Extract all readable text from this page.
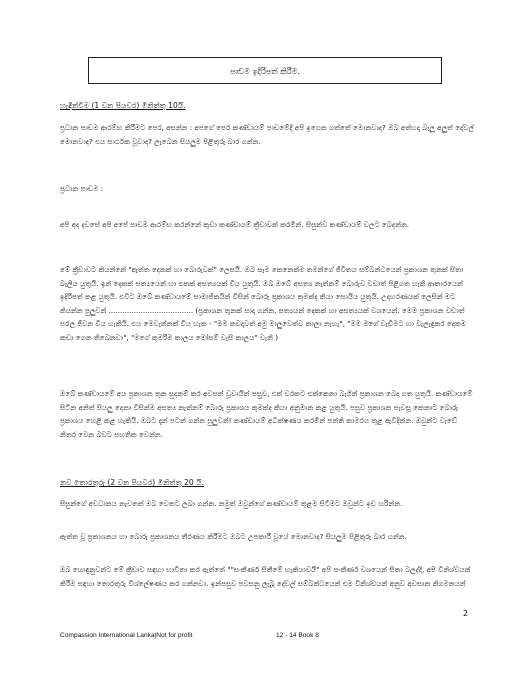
පාඩම ඉදිරිපත් කිරීම.
හැඳින්වීම (1 වන පියවර) මිනිත්තු 10යි.
ප්‍රධාන පාඩම ආරම්භ කිරීමට පෙර, අසන්න : අපගේ පෙර කණ්ඩායම් පාඩමේදී අපි ඉගෙන ගත්තේ මොනවාද? ඔබ අත්හදා බැලූ අලුත් දේවල් මොනවාද? එය සාර්ථක වූවාද? ලැබෙන සියලුම පිළිතුරු බාර ගන්න.
ප්‍රධාන පාඩම :
අපි අද දවසේ අපි අපේ පාඩම ආරම්භ කරන්නේ කුඩා කණ්ඩායම් ක්‍රීඩාවක් කරමින්. සිසුන්ව කණ්ඩායම් වලට බෙදන්න.
මේ ක්‍රීඩාවට කියන්නේ "ඇත්ත දෙකක් හා බොරුවක්" ලෙසයි. ඔබ සෑම කෙනෙක්ම තමන්ගේ ජීවිතය සම්බන්ධයෙන් ප්‍රකාශන තුනක් සිතා බැලිය යුතුයි. ඉන් දෙකක් සත්‍යයෙන් හා එකක් අසත්‍යයක් විය යුතුයි. ඔබ ඔබේ අසත්‍ය නැත්නම් බොරුව වඩාත් පිළිගත හැකි ආකාරයෙන් ඉදිරිපත් කළ යුතුයි. එවිට ඔබේ කණ්ඩායමේ සාමාජිකයින් විසින් බොරු ප්‍රකාශය කුමක්ද කියා සොයිය යුතුයි. උදාහරණයක් ලෙසින් මට කියන්න පුලුවන් ..................................... (ප්‍රකාශන තුනක් සාදා ගන්න, සත්‍යයන් දෙකක් හා අසත්‍යයක් වශයෙන්. මෙම ප්‍රකාශන වඩාත් සරල ජීවන විය හැකියි. එය මෙවැන්නක් විය හැක - "මම කවදාවත් අමු මාලුවෙක්ව කාලා නැහැ", "මම මගේ වැඩිමට හා වැලැඳුකර දෙකම කඩා ගෙන තිබෙනවා", "මගේ කුමරිම කාලය මෝසම් වැසි කාලය" වැනි )
ඔබේ කණ්ඩායමේ අය ප්‍රකාශන තුන සුදානම් කර අවසන් වූවායින් පසුව, එක් වරකට එක්කෙනා බැගින් ප්‍රකාශන බෙදා ගත යුතුයි. කණ්ඩායමේ සිටින අනිත් සියලු දෙනා විසින්ම අසත්‍ය නැත්නම් බොරු ප්‍රකාශය කුමක්ද කියා අනුමාන කළ යුතුයි. පසුව ප්‍රකාශන පැවසූ කෙනාට බොරු ප්‍රකාශය හෙළි කළ හැකියි. ඔබට දැන් පටන් ගන්න පුලුවන්! කණ්ඩායම් අධීක්ෂණය කරමින් පන්ති කාමරය තුළ ඇවිදින්න. ඔවුන්ට වැඩේ නිතර වෙන බවට සහතික වෙන්න.
නව තොරතුරු (2 වන පියවර) මිනිත්තු 20 යි.
සිසුන්ගේ අවධානය නැවතත් ඔබ වෙතට ලබා ගන්න. නමුත් ඔවුන්ගේ කණ්ඩායම් තුළම සිටීමට ඔවුන්ට ඉඩ හරින්න.
ඇත්ත වූ ප්‍රකාශනය හා බොරු ප්‍රකාශනය තීරණය කිරීමට ඔබට උපකාරී වූයේ මොනවාද? සියලුම පිළිතුරු බාර ගන්න.
ඔබ හොඳුනුවන්ට මේ ක්‍රීඩාව සඳහා භාවිතා කර ඇත්තේ ""සංකීර්ණ සිතීමේ හැකියාවයි" අපි සංකීර්ණ වශයෙන් සිතා බලද්දී, අපි විනිශ්චයන් කිරීම සඳහා තොරතුරු විශ්ලේෂණය කර ගන්නවා. ඉන්පසුව පවසනු ලැබූ දේවල් සම්බන්ධයෙන් එම විනිශ්චයන් අනුව අවසාන නිගමනයන්
2
Compassion International Lanka|Not for profit	12 - 14 Book 8
